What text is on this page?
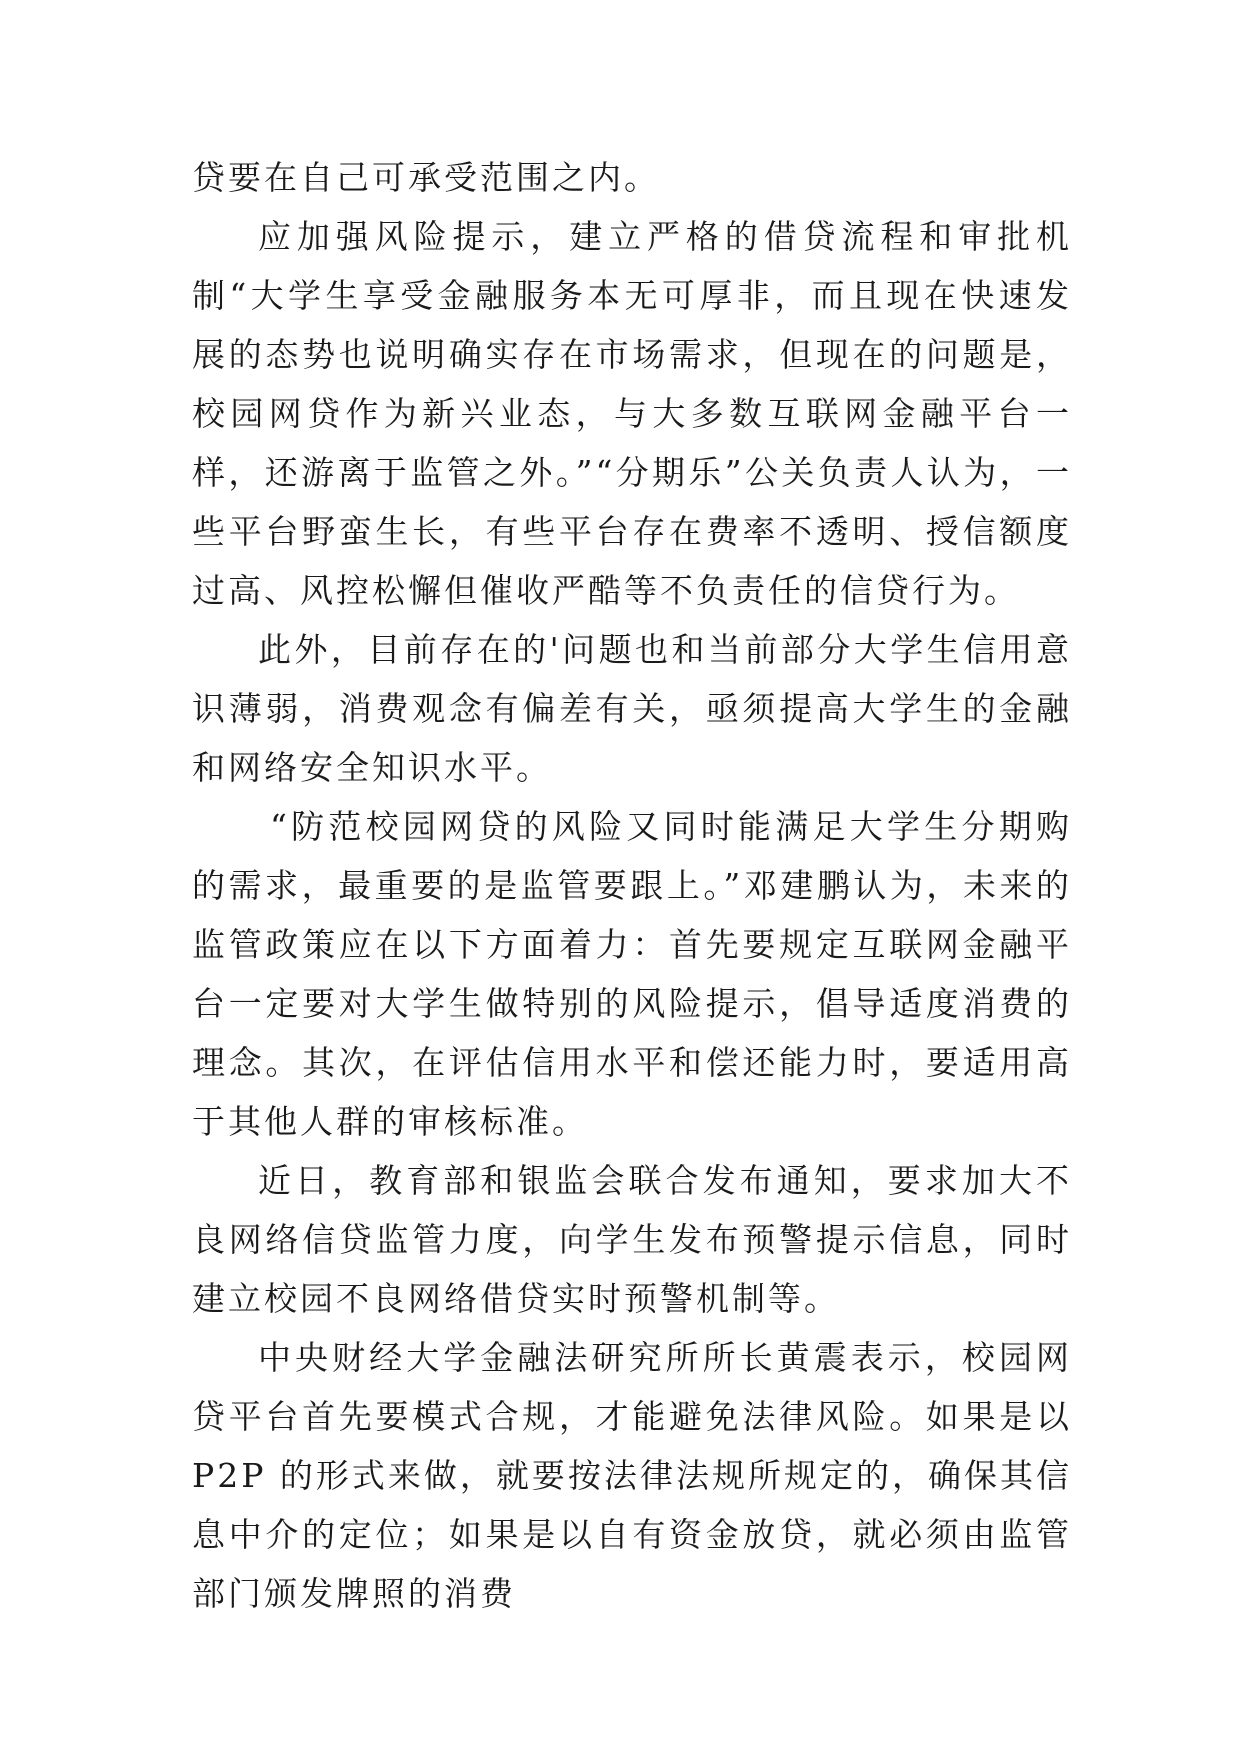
贷要在自己可承受范围之内。

应加强风险提示，建立严格的借贷流程和审批机制“大学生享受金融服务本无可厚非，而且现在快速发展的态势也说明确实存在市场需求，但现在的问题是，校园网贷作为新兴业态，与大多数互联网金融平台一样，还游离于监管之外。”“分期乐”公关负责人认为，一些平台野蛮生长，有些平台存在费率不透明、授信额度过高、风控松懈但催收严酷等不负责任的信贷行为。

此外，目前存在的'问题也和当前部分大学生信用意识薄弱，消费观念有偏差有关，亟须提高大学生的金融和网络安全知识水平。

“防范校园网贷的风险又同时能满足大学生分期购的需求，最重要的是监管要跟上。”邓建鹏认为，未来的监管政策应在以下方面着力：首先要规定互联网金融平台一定要对大学生做特别的风险提示，倡导适度消费的理念。其次，在评估信用水平和偿还能力时，要适用高于其他人群的审核标准。

近日，教育部和银监会联合发布通知，要求加大不良网络信贷监管力度，向学生发布预警提示信息，同时建立校园不良网络借贷实时预警机制等。

中央财经大学金融法研究所所长黄震表示，校园网贷平台首先要模式合规，才能避免法律风险。如果是以 P2P 的形式来做，就要按法律法规所规定的，确保其信息中介的定位；如果是以自有资金放贷，就必须由监管部门颁发牌照的消费
